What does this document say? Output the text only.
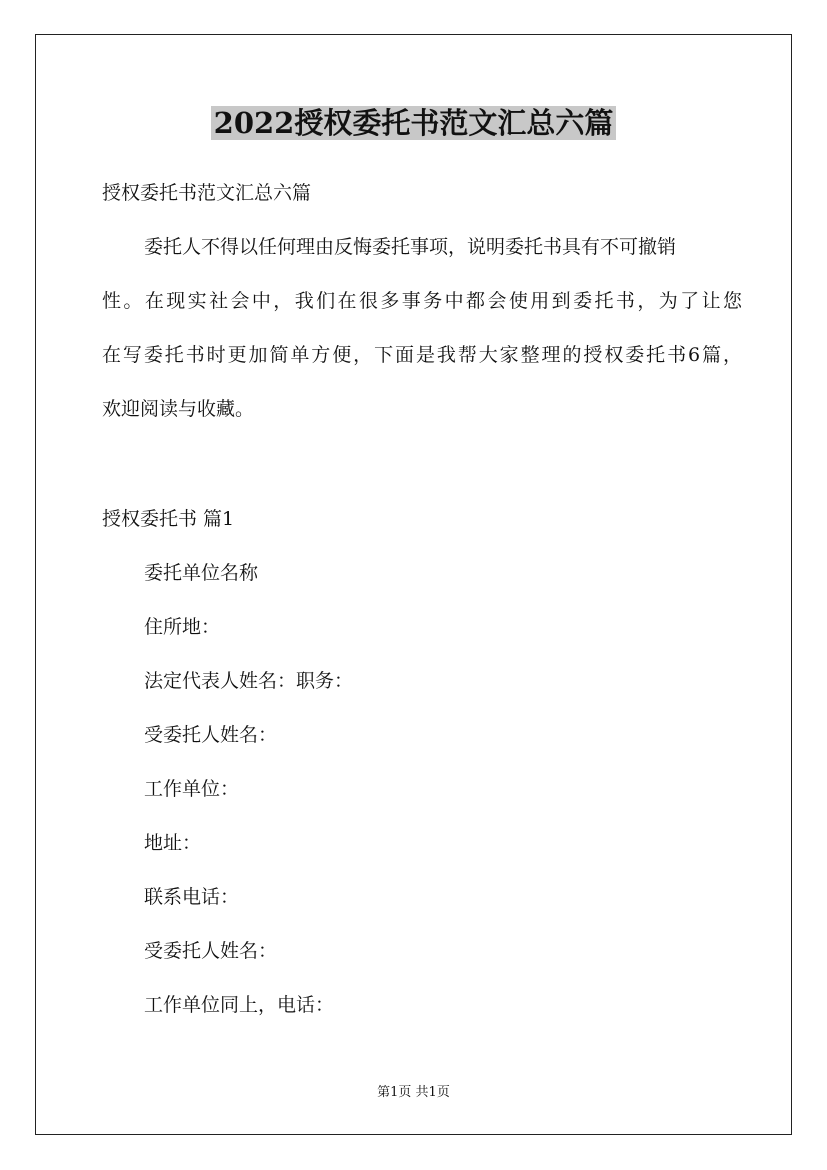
2022授权委托书范文汇总六篇
授权委托书范文汇总六篇
委托人不得以任何理由反悔委托事项，说明委托书具有不可撤销
性。在现实社会中，我们在很多事务中都会使用到委托书，为了让您
在写委托书时更加简单方便，下面是我帮大家整理的授权委托书6篇，
欢迎阅读与收藏。
授权委托书 篇1
委托单位名称
住所地：
法定代表人姓名：职务：
受委托人姓名：
工作单位：
地址：
联系电话：
受委托人姓名：
工作单位同上，电话：
第1页 共1页
